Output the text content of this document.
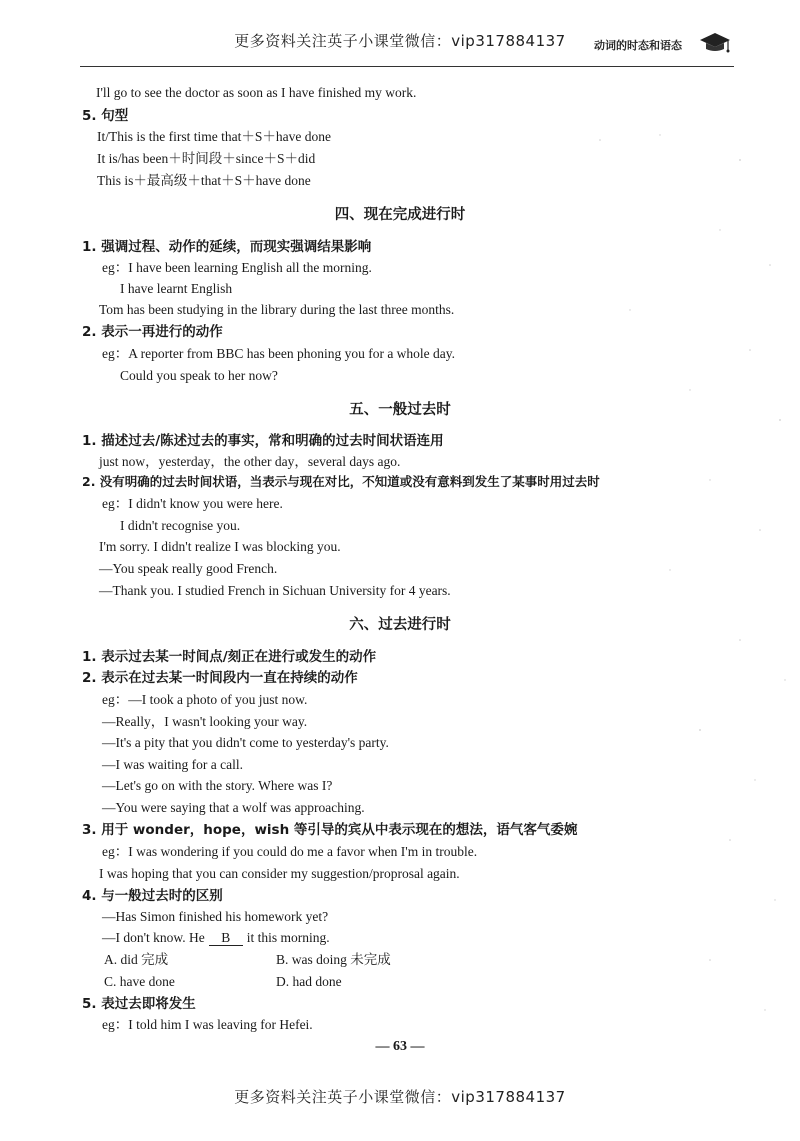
更多资料关注英子小课堂微信：vip317884137	动词的时态和语态
I'll go to see the doctor as soon as I have finished my work.
5. 句型
It/This is the first time that＋S＋have done
It is/has been＋时间段＋since＋S＋did
This is＋最高级＋that＋S＋have done
四、现在完成进行时
1. 强调过程、动作的延续，而现实强调结果影响
eg：I have been learning English all the morning.
I have learnt English
Tom has been studying in the library during the last three months.
2. 表示一再进行的动作
eg：A reporter from BBC has been phoning you for a whole day.
Could you speak to her now?
五、一般过去时
1. 描述过去/陈述过去的事实，常和明确的过去时间状语连用
just now，yesterday，the other day，several days ago.
2. 没有明确的过去时间状语，当表示与现在对比，不知道或没有意料到发生了某事时用过去时
eg：I didn't know you were here.
I didn't recognise you.
I'm sorry. I didn't realize I was blocking you.
—You speak really good French.
—Thank you. I studied French in Sichuan University for 4 years.
六、过去进行时
1. 表示过去某一时间点/刻正在进行或发生的动作
2. 表示在过去某一时间段内一直在持续的动作
eg：—I took a photo of you just now.
—Really，I wasn't looking your way.
—It's a pity that you didn't come to yesterday's party.
—I was waiting for a call.
—Let's go on with the story. Where was I?
—You were saying that a wolf was approaching.
3. 用于 wonder，hope，wish 等引导的宾从中表示现在的想法，语气客气委婉
eg：I was wondering if you could do me a favor when I'm in trouble.
I was hoping that you can consider my suggestion/proprosal again.
4. 与一般过去时的区别
—Has Simon finished his homework yet?
—I don't know. He B it this morning.
A. did 完成	B. was doing 未完成
C. have done	D. had done
5. 表过去即将发生
eg：I told him I was leaving for Hefei.
— 63 —
更多资料关注英子小课堂微信：vip317884137
